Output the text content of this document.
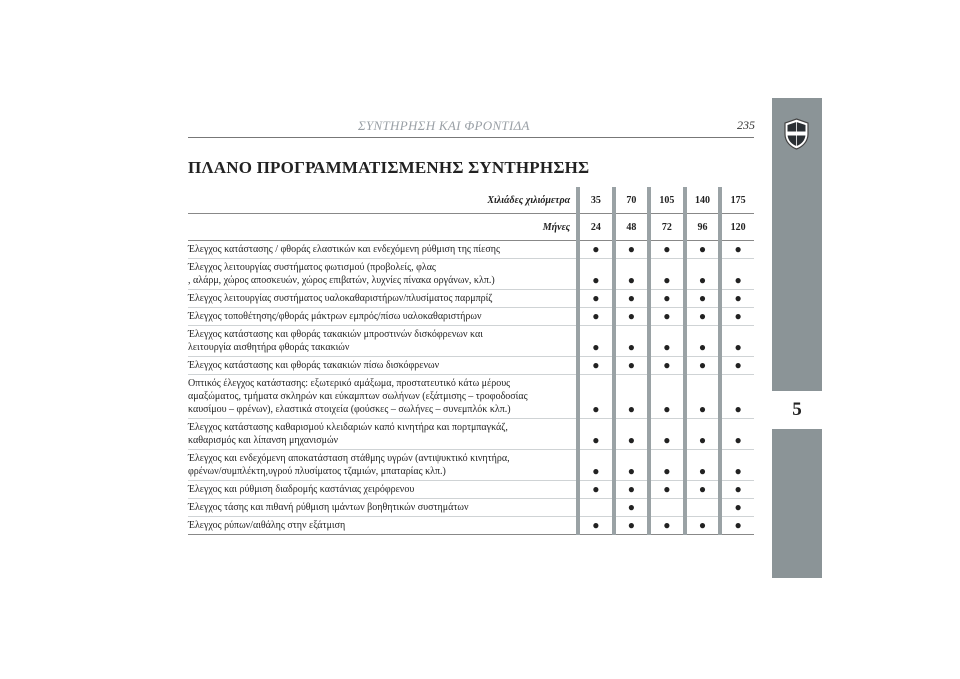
ΣΥΝΤΗΡΗΣΗ ΚΑΙ ΦΡΟΝΤΙΔΑ	235
ΠΛΑΝΟ ΠΡΟΓΡΑΜΜΑΤΙΣΜΕΝΗΣ ΣΥΝΤΗΡΗΣΗΣ
5
Χιλιάδες χιλιόμετρα		35		70		105		140		175
Μήνες		24		48		72		96		120
Έλεγχος κατάστασης / φθοράς ελαστικών και ενδεχόμενη ρύθμιση της πίεσης		●		●		●		●		●
Έλεγχος λειτουργίας συστήματος φωτισμού (προβολείς, φλας
, αλάρμ, χώρος αποσκευών, χώρος επιβατών, λυχνίες πίνακα οργάνων, κλπ.)		●		●		●		●		●
Έλεγχος λειτουργίας συστήματος υαλοκαθαριστήρων/πλυσίματος παρμπρίζ		●		●		●		●		●
Έλεγχος τοποθέτησης/φθοράς μάκτρων εμπρός/πίσω υαλοκαθαριστήρων		●		●		●		●		●
Έλεγχος κατάστασης και φθοράς τακακιών μπροστινών δισκόφρενων και
λειτουργία αισθητήρα φθοράς τακακιών		●		●		●		●		●
Έλεγχος κατάστασης και φθοράς τακακιών πίσω δισκόφρενων		●		●		●		●		●
Οπτικός έλεγχος κατάστασης: εξωτερικό αμάξωμα, προστατευτικό κάτω μέρους
αμαξώματος, τμήματα σκληρών και εύκαμπτων σωλήνων (εξάτμισης – τροφοδοσίας
καυσίμου – φρένων), ελαστικά στοιχεία (φούσκες – σωλήνες – συνεμπλόκ κλπ.)		●		●		●		●		●
Έλεγχος κατάστασης καθαρισμού κλειδαριών καπό κινητήρα και πορτμπαγκάζ,
καθαρισμός και λίπανση μηχανισμών		●		●		●		●		●
Έλεγχος και ενδεχόμενη αποκατάσταση στάθμης υγρών (αντιψυκτικό κινητήρα,
φρένων/συμπλέκτη,υγρού πλυσίματος τζαμιών, μπαταρίας κλπ.)		●		●		●		●		●
Έλεγχος και ρύθμιση διαδρομής καστάνιας χειρόφρενου		●		●		●		●		●
Έλεγχος τάσης και πιθανή ρύθμιση ιμάντων βοηθητικών συστημάτων				●						●
Έλεγχος ρύπων/αιθάλης στην εξάτμιση		●		●		●		●		●
